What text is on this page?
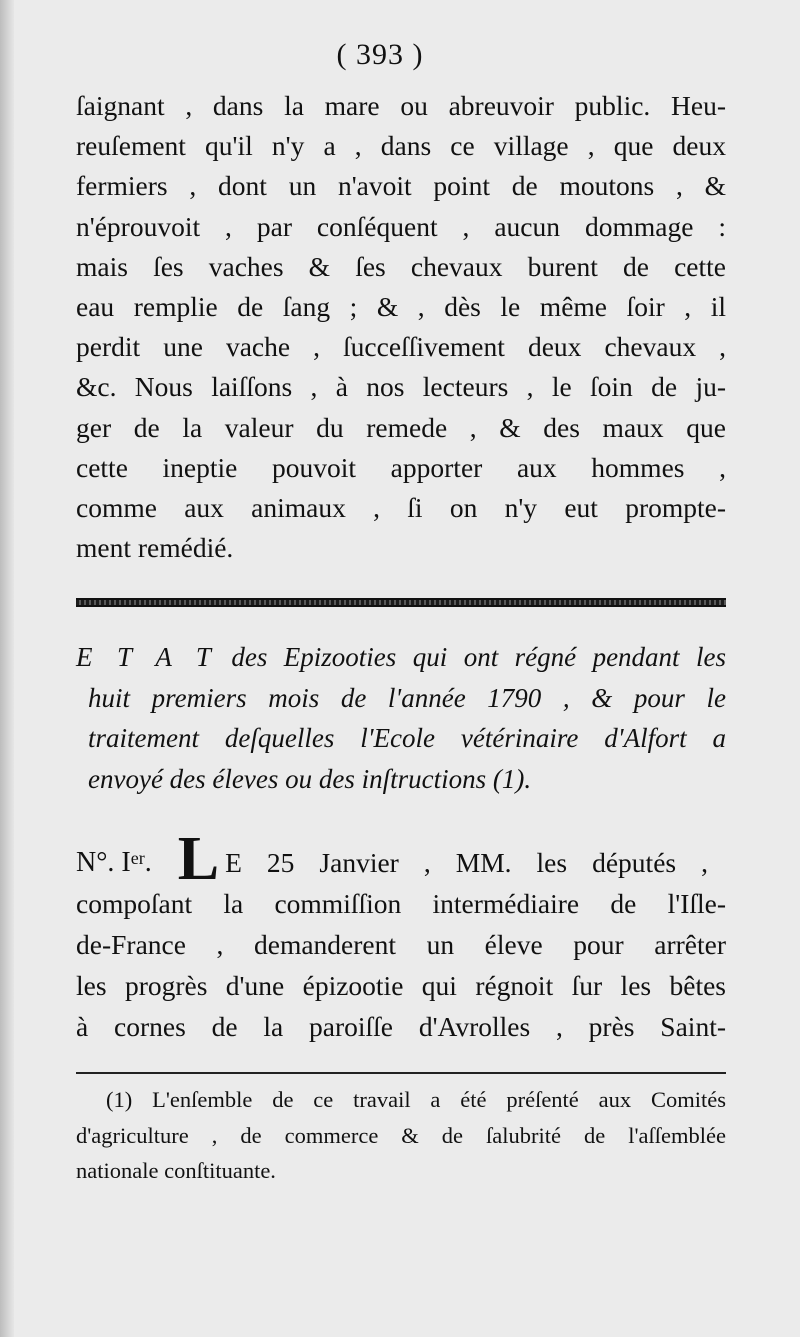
( 393 )
ſaignant , dans la mare ou abreuvoir public. Heu-
reuſement qu'il n'y a , dans ce village , que deux
fermiers , dont un n'avoit point de moutons , &
n'éprouvoit , par conſéquent , aucun dommage :
mais ſes vaches & ſes chevaux burent de cette
eau remplie de ſang ; & , dès le même ſoir , il
perdit une vache , ſucceſſivement deux chevaux ,
&c. Nous laiſſons , à nos lecteurs , le ſoin de ju-
ger de la valeur du remede , & des maux que
cette ineptie pouvoit apporter aux hommes ,
comme aux animaux , ſi on n'y eut prompte-
ment remédié.
E T A T des Epizooties qui ont régné pendant les
huit premiers mois de l'année 1790 , & pour le
traitement deſquelles l'Ecole vétérinaire d'Alfort a
envoyé des éleves ou des inſtructions (1).
N°. Ier. L E 25 Janvier , MM. les députés ,
compoſant la commiſſion intermédiaire de l'Iſle-
de-France , demanderent un éleve pour arrêter
les progrès d'une épizootie qui régnoit ſur les bêtes
à cornes de la paroiſſe d'Avrolles , près Saint-
(1) L'enſemble de ce travail a été préſenté aux Comités
d'agriculture , de commerce & de ſalubrité de l'aſſemblée
nationale conſtituante.
